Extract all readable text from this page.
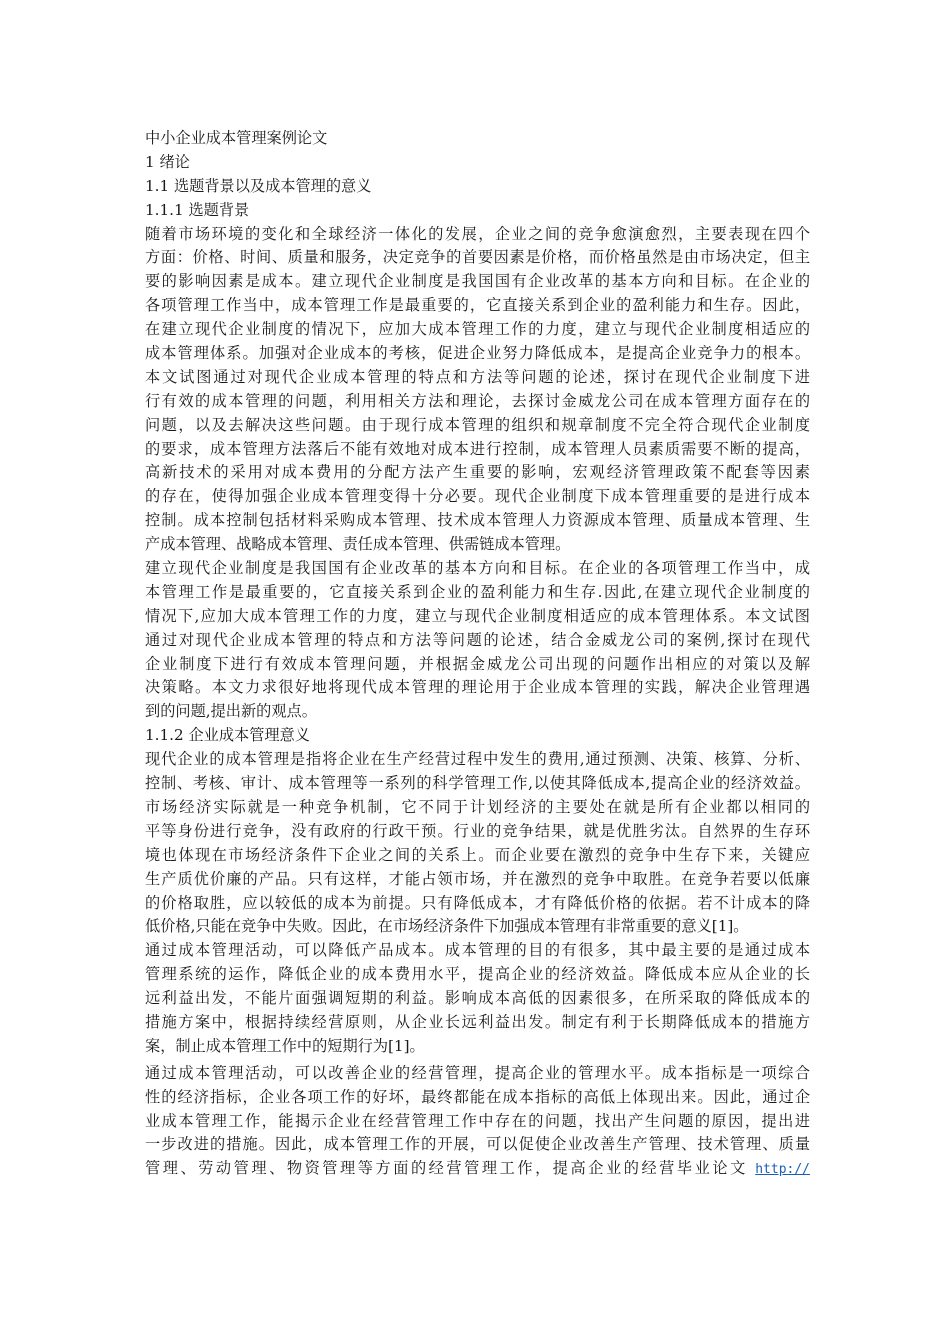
中小企业成本管理案例论文
1 绪论
1.1 选题背景以及成本管理的意义
1.1.1 选题背景
随着市场环境的变化和全球经济一体化的发展，企业之间的竞争愈演愈烈，主要表现在四个
方面：价格、时间、质量和服务，决定竞争的首要因素是价格，而价格虽然是由市场决定，但主
要的影响因素是成本。建立现代企业制度是我国国有企业改革的基本方向和目标。在企业的
各项管理工作当中，成本管理工作是最重要的，它直接关系到企业的盈利能力和生存。因此，
在建立现代企业制度的情况下，应加大成本管理工作的力度，建立与现代企业制度相适应的
成本管理体系。加强对企业成本的考核，促进企业努力降低成本，是提高企业竞争力的根本。
本文试图通过对现代企业成本管理的特点和方法等问题的论述，探讨在现代企业制度下进
行有效的成本管理的问题，利用相关方法和理论，去探讨金威龙公司在成本管理方面存在的
问题，以及去解决这些问题。由于现行成本管理的组织和规章制度不完全符合现代企业制度
的要求，成本管理方法落后不能有效地对成本进行控制，成本管理人员素质需要不断的提高，
高新技术的采用对成本费用的分配方法产生重要的影响，宏观经济管理政策不配套等因素
的存在，使得加强企业成本管理变得十分必要。现代企业制度下成本管理重要的是进行成本
控制。成本控制包括材料采购成本管理、技术成本管理人力资源成本管理、质量成本管理、生
产成本管理、战略成本管理、责任成本管理、供需链成本管理。
建立现代企业制度是我国国有企业改革的基本方向和目标。在企业的各项管理工作当中，成
本管理工作是最重要的，它直接关系到企业的盈利能力和生存.因此,在建立现代企业制度的
情况下,应加大成本管理工作的力度，建立与现代企业制度相适应的成本管理体系。本文试图
通过对现代企业成本管理的特点和方法等问题的论述，结合金威龙公司的案例,探讨在现代
企业制度下进行有效成本管理问题，并根据金威龙公司出现的问题作出相应的对策以及解
决策略。本文力求很好地将现代成本管理的理论用于企业成本管理的实践，解决企业管理遇
到的问题,提出新的观点。
1.1.2 企业成本管理意义
现代企业的成本管理是指将企业在生产经营过程中发生的费用,通过预测、决策、核算、分析、
控制、考核、审计、成本管理等一系列的科学管理工作,以使其降低成本,提高企业的经济效益。
市场经济实际就是一种竞争机制，它不同于计划经济的主要处在就是所有企业都以相同的
平等身份进行竞争，没有政府的行政干预。行业的竞争结果，就是优胜劣汰。自然界的生存环
境也体现在市场经济条件下企业之间的关系上。而企业要在激烈的竞争中生存下来，关键应
生产质优价廉的产品。只有这样，才能占领市场，并在激烈的竞争中取胜。在竞争若要以低廉
的价格取胜，应以较低的成本为前提。只有降低成本，才有降低价格的依据。若不计成本的降
低价格,只能在竞争中失败。因此，在市场经济条件下加强成本管理有非常重要的意义[1]。
通过成本管理活动，可以降低产品成本。成本管理的目的有很多，其中最主要的是通过成本
管理系统的运作，降低企业的成本费用水平，提高企业的经济效益。降低成本应从企业的长
远利益出发，不能片面强调短期的利益。影响成本高低的因素很多，在所采取的降低成本的
措施方案中，根据持续经营原则，从企业长远利益出发。制定有利于长期降低成本的措施方
案，制止成本管理工作中的短期行为[1]。
通过成本管理活动，可以改善企业的经营管理，提高企业的管理水平。成本指标是一项综合
性的经济指标，企业各项工作的好坏，最终都能在成本指标的高低上体现出来。因此，通过企
业成本管理工作，能揭示企业在经营管理工作中存在的问题，找出产生问题的原因，提出进
一步改进的措施。因此，成本管理工作的开展，可以促使企业改善生产管理、技术管理、质量
管理、劳动管理、物资管理等方面的经营管理工作，提高企业的经营毕业论文 http://
